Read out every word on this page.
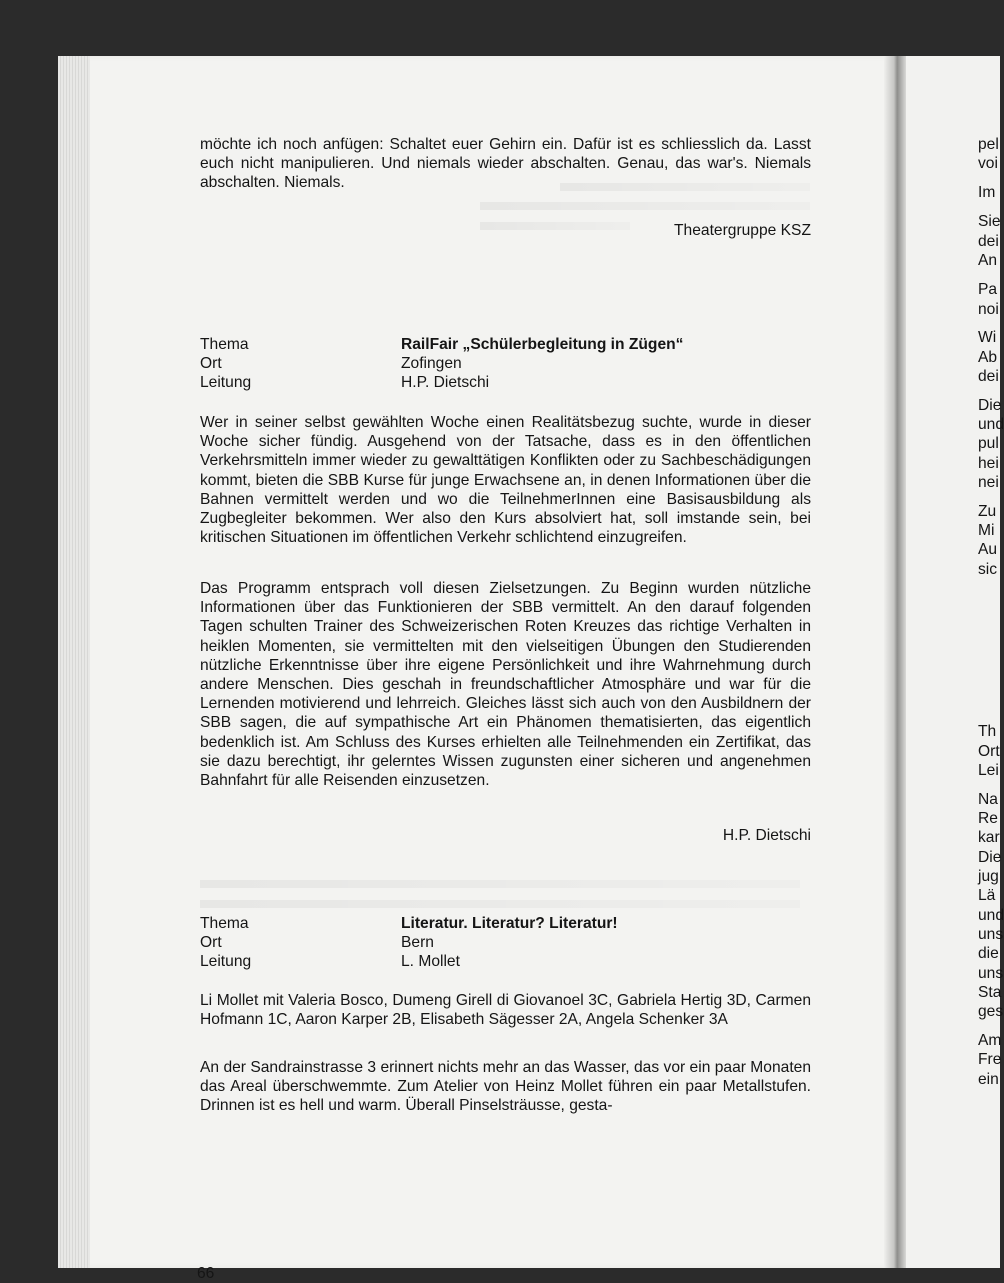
pel
voi
Im
Sie
dei
An
Pa
noi
Wi
Ab
dei
Die
und
pul
hei
nei
Zu
Mi
Au
sic
Th
Ort
Lei
Na
Re
kar
Die
jug
Lä
und
uns
die
uns
Sta
ges
Am
Fre
ein

möchte ich noch anfügen: Schaltet euer Gehirn ein. Dafür ist es schliesslich da. Lasst euch nicht manipulieren. Und niemals wieder abschalten. Genau, das war's. Niemals abschalten. Niemals.

Theatergruppe KSZ
Thema	RailFair „Schülerbegleitung in Zügen“
Ort	Zofingen
Leitung	H.P. Dietschi

Wer in seiner selbst gewählten Woche einen Realitätsbezug suchte, wurde in dieser Woche sicher fündig. Ausgehend von der Tatsache, dass es in den öffentlichen Verkehrsmitteln immer wieder zu gewalttätigen Konflikten oder zu Sachbeschädigungen kommt, bieten die SBB Kurse für junge Erwachsene an, in denen Informationen über die Bahnen vermittelt werden und wo die TeilnehmerInnen eine Basisausbildung als Zugbegleiter bekommen. Wer also den Kurs absolviert hat, soll imstande sein, bei kritischen Situationen im öffentlichen Verkehr schlichtend einzugreifen.

Das Programm entsprach voll diesen Zielsetzungen. Zu Beginn wurden nützliche Informationen über das Funktionieren der SBB vermittelt. An den darauf folgenden Tagen schulten Trainer des Schweizerischen Roten Kreuzes das richtige Verhalten in heiklen Momenten, sie vermittelten mit den vielseitigen Übungen den Studierenden nützliche Erkenntnisse über ihre eigene Persönlichkeit und ihre Wahrnehmung durch andere Menschen. Dies geschah in freundschaftlicher Atmosphäre und war für die Lernenden motivierend und lehrreich. Gleiches lässt sich auch von den Ausbildnern der SBB sagen, die auf sympathische Art ein Phänomen thematisierten, das eigentlich bedenklich ist. Am Schluss des Kurses erhielten alle Teilnehmenden ein Zertifikat, das sie dazu berechtigt, ihr gelerntes Wissen zugunsten einer sicheren und angenehmen Bahnfahrt für alle Reisenden einzusetzen.

H.P. Dietschi
Thema	Literatur. Literatur? Literatur!
Ort	Bern
Leitung	L. Mollet

Li Mollet mit Valeria Bosco, Dumeng Girell di Giovanoel 3C, Gabriela Hertig 3D, Carmen Hofmann 1C, Aaron Karper 2B, Elisabeth Sägesser 2A, Angela Schenker 3A

An der Sandrainstrasse 3 erinnert nichts mehr an das Wasser, das vor ein paar Monaten das Areal überschwemmte. Zum Atelier von Heinz Mollet führen ein paar Metallstufen. Drinnen ist es hell und warm. Überall Pinselsträusse, gesta-

66
